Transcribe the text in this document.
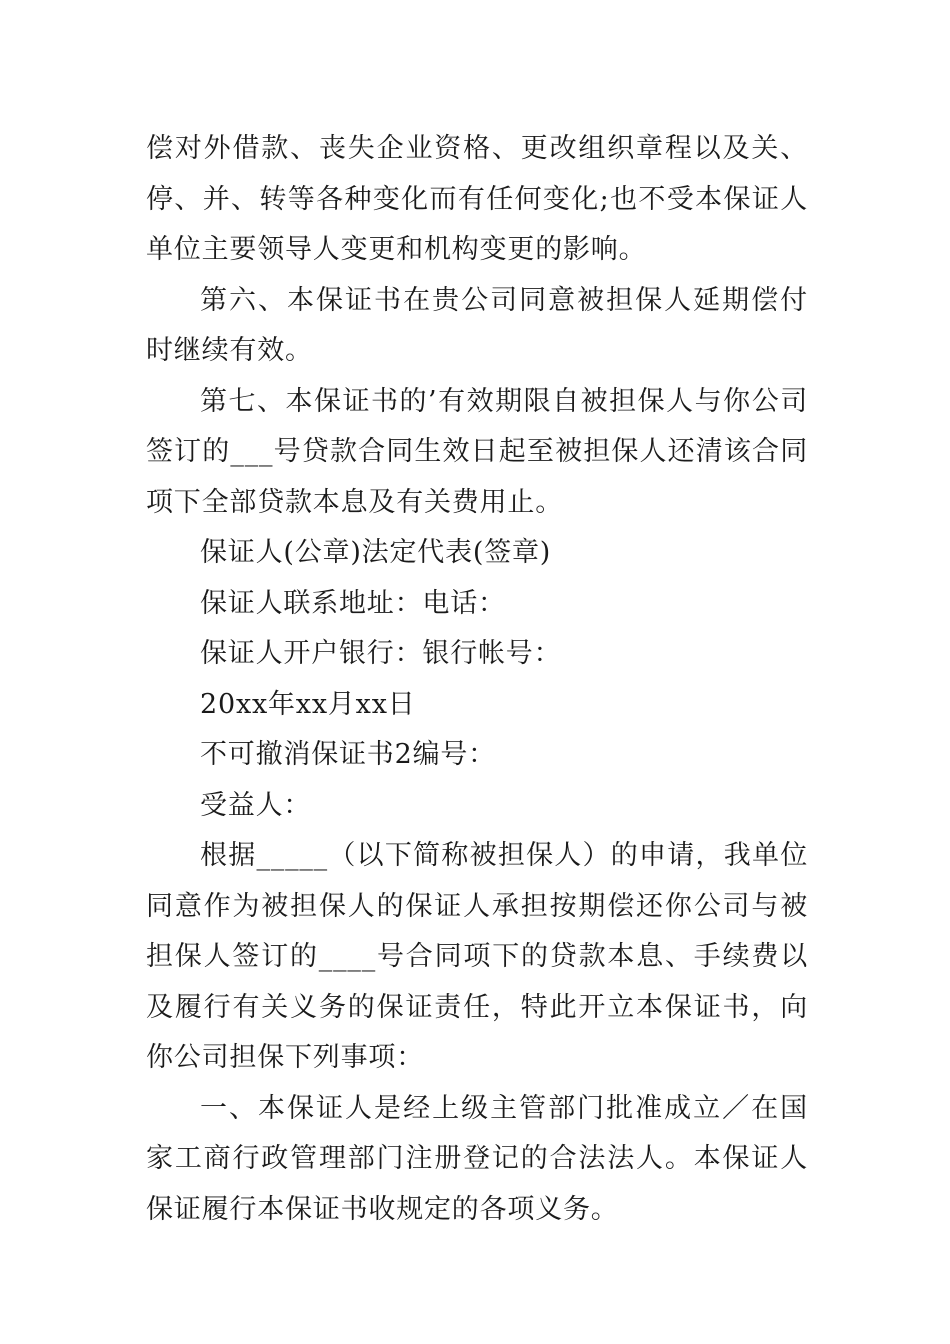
偿对外借款、丧失企业资格、更改组织章程以及关、停、并、转等各种变化而有任何变化;也不受本保证人单位主要领导人变更和机构变更的影响。

第六、本保证书在贵公司同意被担保人延期偿付时继续有效。

第七、本保证书的’有效期限自被担保人与你公司签订的___号贷款合同生效日起至被担保人还清该合同项下全部贷款本息及有关费用止。

保证人(公章)法定代表(签章)

保证人联系地址：电话：

保证人开户银行：银行帐号：

20xx年xx月xx日

不可撤消保证书2编号：

受益人：

根据_____（以下简称被担保人）的申请，我单位同意作为被担保人的保证人承担按期偿还你公司与被担保人签订的____号合同项下的贷款本息、手续费以及履行有关义务的保证责任，特此开立本保证书，向你公司担保下列事项：

一、本保证人是经上级主管部门批准成立／在国家工商行政管理部门注册登记的合法法人。本保证人保证履行本保证书收规定的各项义务。
